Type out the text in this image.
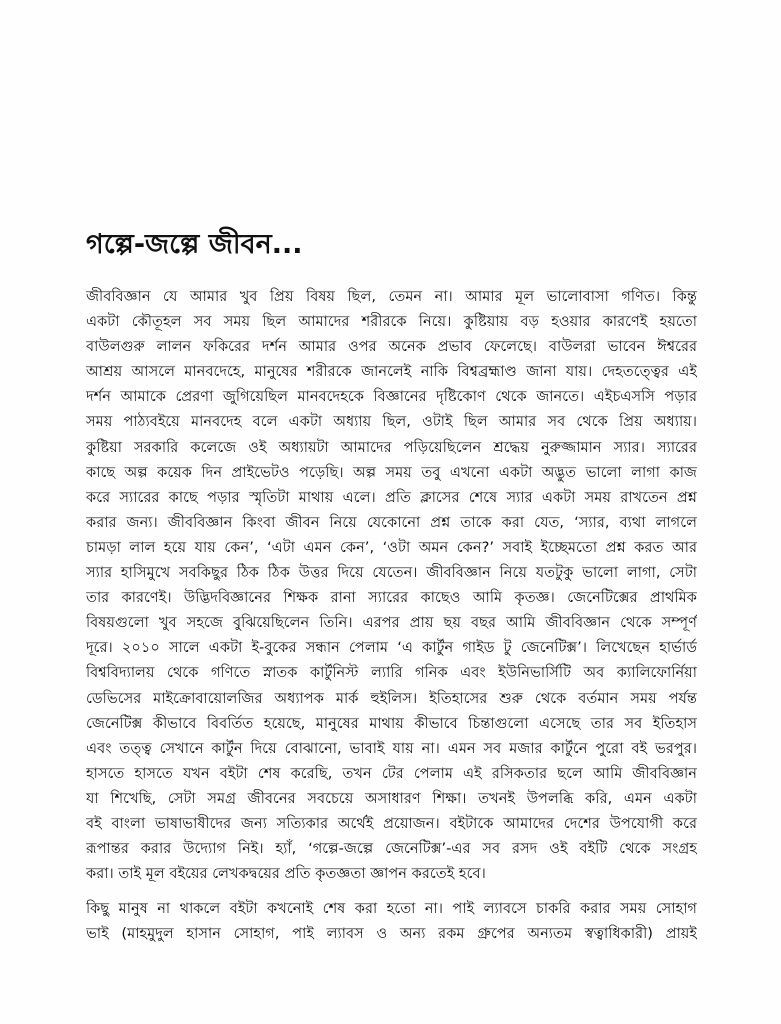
গল্পে-জল্পে জীবন...

জীববিজ্ঞান যে আমার খুব প্রিয় বিষয় ছিল, তেমন না। আমার মূল ভালোবাসা গণিত। কিন্তু
একটা কৌতূহল সব সময় ছিল আমাদের শরীরকে নিয়ে। কুষ্টিয়ায় বড় হওয়ার কারণেই হয়তো
বাউলগুরু লালন ফকিরের দর্শন আমার ওপর অনেক প্রভাব ফেলেছে। বাউলরা ভাবেন ঈশ্বরের
আশ্রয় আসলে মানবদেহে, মানুষের শরীরকে জানলেই নাকি বিশ্বব্রহ্মাণ্ড জানা যায়। দেহতত্ত্বের এই
দর্শন আমাকে প্রেরণা জুগিয়েছিল মানবদেহকে বিজ্ঞানের দৃষ্টিকোণ থেকে জানতে। এইচএসসি পড়ার
সময় পাঠ্যবইয়ে মানবদেহ বলে একটা অধ্যায় ছিল, ওটাই ছিল আমার সব থেকে প্রিয় অধ্যায়।
কুষ্টিয়া সরকারি কলেজে ওই অধ্যায়টা আমাদের পড়িয়েছিলেন শ্রদ্ধেয় নুরুজ্জামান স্যার। স্যারের
কাছে অল্প কয়েক দিন প্রাইভেটও পড়েছি। অল্প সময় তবু এখনো একটা অদ্ভুত ভালো লাগা কাজ
করে স্যারের কাছে পড়ার স্মৃতিটা মাথায় এলে। প্রতি ক্লাসের শেষে স্যার একটা সময় রাখতেন প্রশ্ন
করার জন্য। জীববিজ্ঞান কিংবা জীবন নিয়ে যেকোনো প্রশ্ন তাকে করা যেত, ‘স্যার, ব্যথা লাগলে
চামড়া লাল হয়ে যায় কেন’, ‘এটা এমন কেন’, ‘ওটা অমন কেন?’ সবাই ইচ্ছেমতো প্রশ্ন করত আর
স্যার হাসিমুখে সবকিছুর ঠিক ঠিক উত্তর দিয়ে যেতেন। জীববিজ্ঞান নিয়ে যতটুকু ভালো লাগা, সেটা
তার কারণেই। উদ্ভিদবিজ্ঞানের শিক্ষক রানা স্যারের কাছেও আমি কৃতজ্ঞ। জেনেটিক্সের প্রাথমিক
বিষয়গুলো খুব সহজে বুঝিয়েছিলেন তিনি। এরপর প্রায় ছয় বছর আমি জীববিজ্ঞান থেকে সম্পূর্ণ
দূরে। ২০১০ সালে একটা ই-বুকের সন্ধান পেলাম ‘এ কার্টুন গাইড টু জেনেটিক্স’। লিখেছেন হার্ভার্ড
বিশ্ববিদ্যালয় থেকে গণিতে স্নাতক কার্টুনিস্ট ল্যারি গনিক এবং ইউনিভার্সিটি অব ক্যালিফোর্নিয়া
ডেভিসের মাইক্রোবায়োলজির অধ্যাপক মার্ক হুইলিস। ইতিহাসের শুরু থেকে বর্তমান সময় পর্যন্ত
জেনেটিক্স কীভাবে বিবর্তিত হয়েছে, মানুষের মাথায় কীভাবে চিন্তাগুলো এসেছে তার সব ইতিহাস
এবং তত্ত্ব সেখানে কার্টুন দিয়ে বোঝানো, ভাবাই যায় না। এমন সব মজার কার্টুনে পুরো বই ভরপুর।
হাসতে হাসতে যখন বইটা শেষ করেছি, তখন টের পেলাম এই রসিকতার ছলে আমি জীববিজ্ঞান
যা শিখেছি, সেটা সমগ্র জীবনের সবচেয়ে অসাধারণ শিক্ষা। তখনই উপলব্ধি করি, এমন একটা
বই বাংলা ভাষাভাষীদের জন্য সত্যিকার অর্থেই প্রয়োজন। বইটাকে আমাদের দেশের উপযোগী করে
রূপান্তর করার উদ্যোগ নিই। হ্যাঁ, ‘গল্পে-জল্পে জেনেটিক্স’-এর সব রসদ ওই বইটি থেকে সংগ্রহ
করা। তাই মূল বইয়ের লেখকদ্বয়ের প্রতি কৃতজ্ঞতা জ্ঞাপন করতেই হবে।

কিছু মানুষ না থাকলে বইটা কখনোই শেষ করা হতো না। পাই ল্যাবসে চাকরি করার সময় সোহাগ
ভাই (মাহমুদুল হাসান সোহাগ, পাই ল্যাবস ও অন্য রকম গ্রুপের অন্যতম স্বত্বাধিকারী) প্রায়ই
